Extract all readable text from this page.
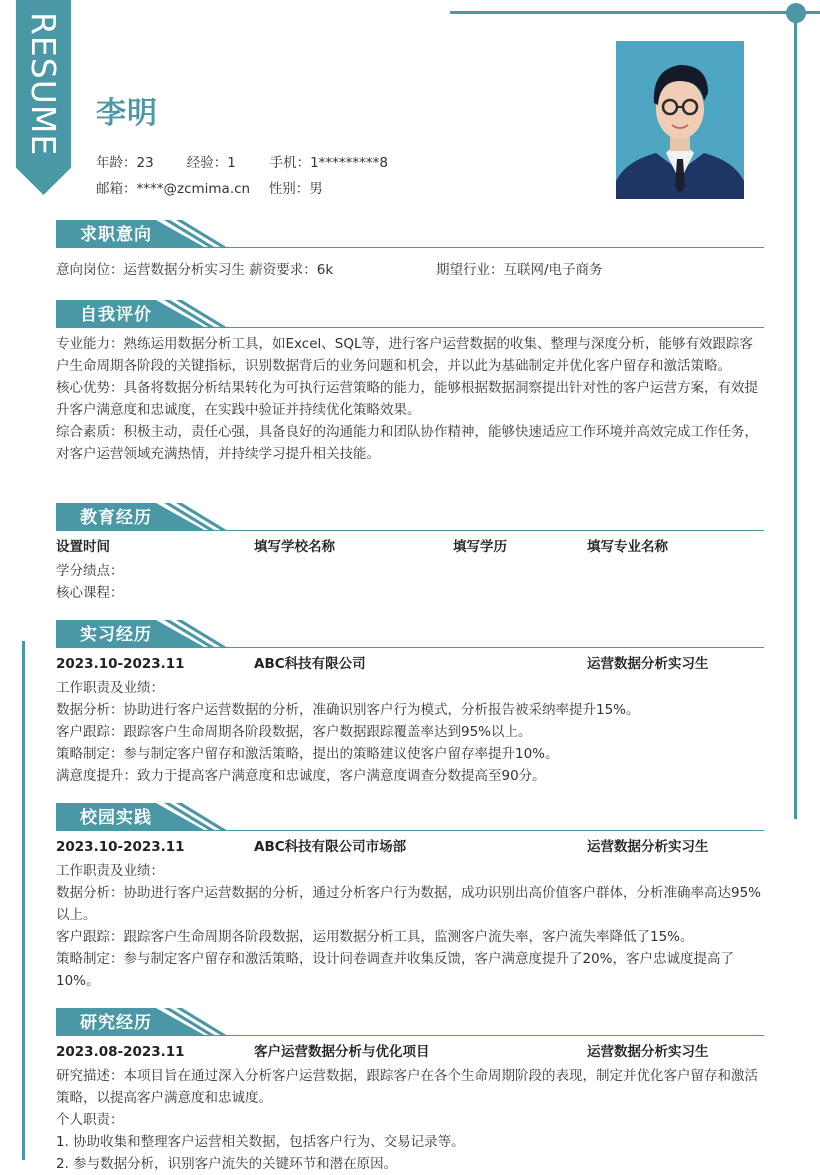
RESUME 李明
年龄：23 经验：1 手机：1*********8
邮箱：****@zcmima.cn 性别：男
求职意向
意向岗位：运营数据分析实习生 薪资要求：6k	期望行业：互联网/电子商务
自我评价

专业能力：熟练运用数据分析工具，如Excel、SQL等，进行客户运营数据的收集、整理与深度分析，能够有效跟踪客户生命周期各阶段的关键指标，识别数据背后的业务问题和机会，并以此为基础制定并优化客户留存和激活策略。

核心优势：具备将数据分析结果转化为可执行运营策略的能力，能够根据数据洞察提出针对性的客户运营方案，有效提升客户满意度和忠诚度，在实践中验证并持续优化策略效果。

综合素质：积极主动，责任心强，具备良好的沟通能力和团队协作精神，能够快速适应工作环境并高效完成工作任务，对客户运营领域充满热情，并持续学习提升相关技能。

教育经历
设置时间	填写学校名称	填写学历	填写专业名称
学分绩点：
核心课程：
实习经历
2023.10-2023.11	ABC科技有限公司	运营数据分析实习生

工作职责及业绩：

数据分析：协助进行客户运营数据的分析，准确识别客户行为模式，分析报告被采纳率提升15%。

客户跟踪：跟踪客户生命周期各阶段数据，客户数据跟踪覆盖率达到95%以上。

策略制定：参与制定客户留存和激活策略，提出的策略建议使客户留存率提升10%。

满意度提升：致力于提高客户满意度和忠诚度，客户满意度调查分数提高至90分。

校园实践
2023.10-2023.11	ABC科技有限公司市场部	运营数据分析实习生

工作职责及业绩：

数据分析：协助进行客户运营数据的分析，通过分析客户行为数据，成功识别出高价值客户群体，分析准确率高达95%以上。

客户跟踪：跟踪客户生命周期各阶段数据，运用数据分析工具，监测客户流失率，客户流失率降低了15%。

策略制定：参与制定客户留存和激活策略，设计问卷调查并收集反馈，客户满意度提升了20%，客户忠诚度提高了10%。

研究经历
2023.08-2023.11	客户运营数据分析与优化项目	运营数据分析实习生

研究描述：本项目旨在通过深入分析客户运营数据，跟踪客户在各个生命周期阶段的表现，制定并优化客户留存和激活策略，以提高客户满意度和忠诚度。

个人职责：

1. 协助收集和整理客户运营相关数据，包括客户行为、交易记录等。

2. 参与数据分析，识别客户流失的关键环节和潜在原因。
